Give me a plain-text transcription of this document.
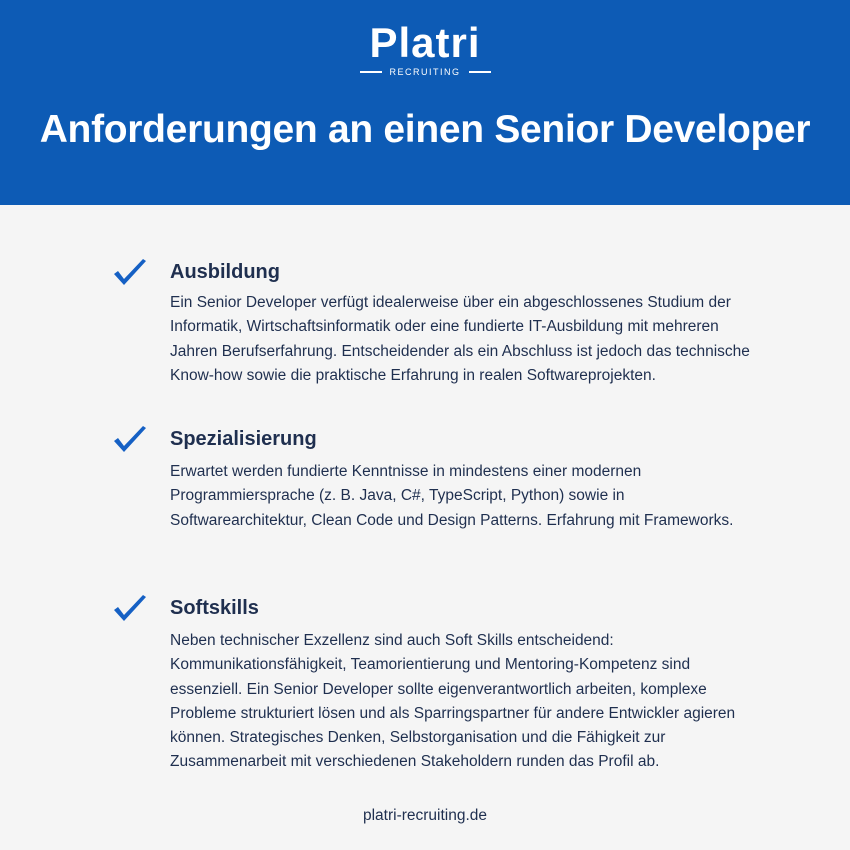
Platri
RECRUITING
Anforderungen an einen Senior Developer
Ausbildung

Ein Senior Developer verfügt idealerweise über ein abgeschlossenes Studium der Informatik, Wirtschaftsinformatik oder eine fundierte IT-Ausbildung mit mehreren Jahren Berufserfahrung. Entscheidender als ein Abschluss ist jedoch das technische Know-how sowie die praktische Erfahrung in realen Softwareprojekten.

Spezialisierung

Erwartet werden fundierte Kenntnisse in mindestens einer modernen Programmiersprache (z. B. Java, C#, TypeScript, Python) sowie in Softwarearchitektur, Clean Code und Design Patterns. Erfahrung mit Frameworks.

Softskills

Neben technischer Exzellenz sind auch Soft Skills entscheidend: Kommunikationsfähigkeit, Teamorientierung und Mentoring-Kompetenz sind essenziell. Ein Senior Developer sollte eigenverantwortlich arbeiten, komplexe Probleme strukturiert lösen und als Sparringspartner für andere Entwickler agieren können. Strategisches Denken, Selbstorganisation und die Fähigkeit zur Zusammenarbeit mit verschiedenen Stakeholdern runden das Profil ab.

platri-recruiting.de
